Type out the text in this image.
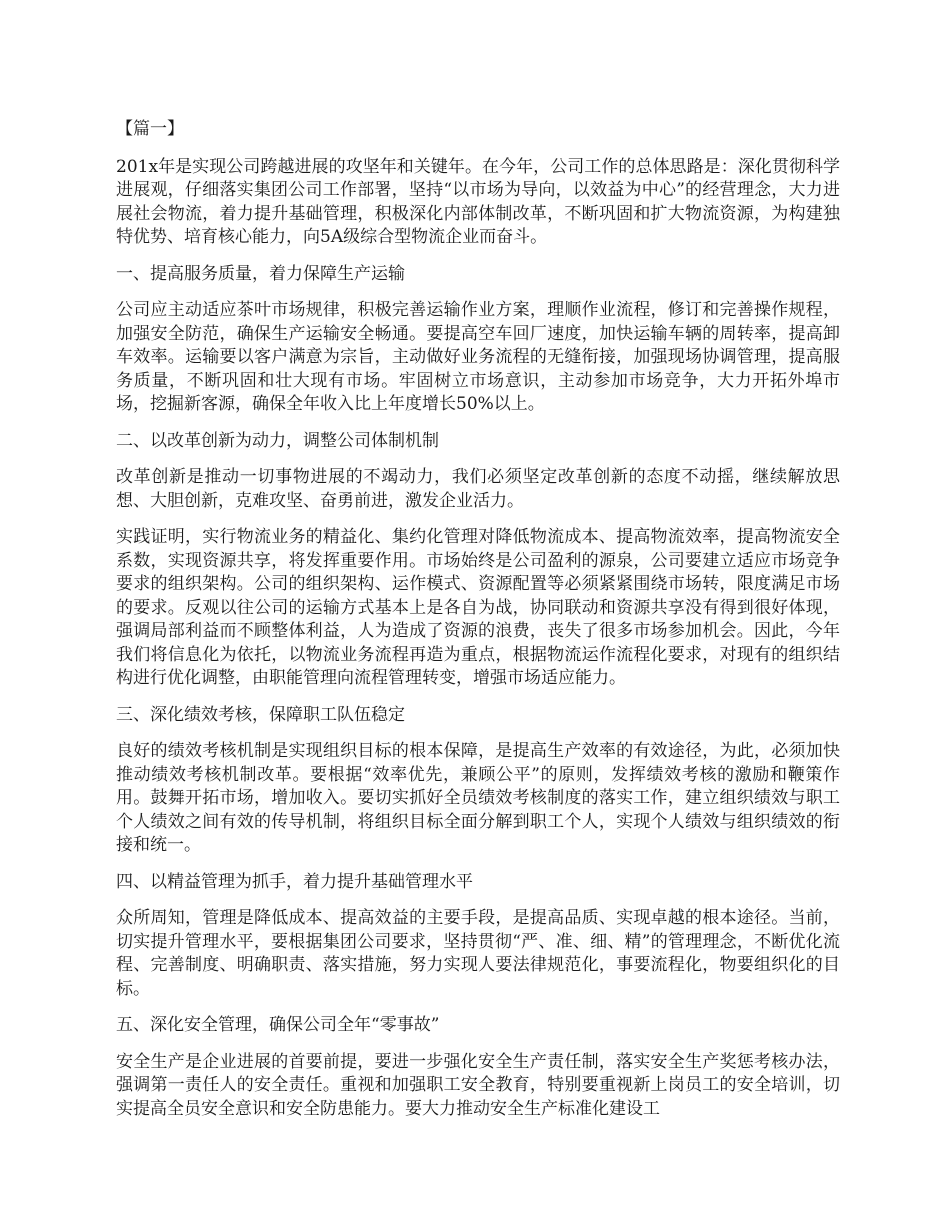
【篇一】

201x年是实现公司跨越进展的攻坚年和关键年。在今年，公司工作的总体思路是：深化贯彻科学进展观，仔细落实集团公司工作部署，坚持“以市场为导向，以效益为中心”的经营理念，大力进展社会物流，着力提升基础管理，积极深化内部体制改革，不断巩固和扩大物流资源，为构建独特优势、培育核心能力，向5A级综合型物流企业而奋斗。

一、提高服务质量，着力保障生产运输

公司应主动适应茶叶市场规律，积极完善运输作业方案，理顺作业流程，修订和完善操作规程，加强安全防范，确保生产运输安全畅通。要提高空车回厂速度，加快运输车辆的周转率，提高卸车效率。运输要以客户满意为宗旨，主动做好业务流程的无缝衔接，加强现场协调管理，提高服务质量，不断巩固和壮大现有市场。牢固树立市场意识，主动参加市场竞争，大力开拓外埠市场，挖掘新客源，确保全年收入比上年度增长50%以上。

二、以改革创新为动力，调整公司体制机制

改革创新是推动一切事物进展的不竭动力，我们必须坚定改革创新的态度不动摇，继续解放思想、大胆创新，克难攻坚、奋勇前进，激发企业活力。

实践证明，实行物流业务的精益化、集约化管理对降低物流成本、提高物流效率，提高物流安全系数，实现资源共享，将发挥重要作用。市场始终是公司盈利的源泉，公司要建立适应市场竞争要求的组织架构。公司的组织架构、运作模式、资源配置等必须紧紧围绕市场转，限度满足市场的要求。反观以往公司的运输方式基本上是各自为战，协同联动和资源共享没有得到很好体现，强调局部利益而不顾整体利益，人为造成了资源的浪费，丧失了很多市场参加机会。因此，今年我们将信息化为依托，以物流业务流程再造为重点，根据物流运作流程化要求，对现有的组织结构进行优化调整，由职能管理向流程管理转变，增强市场适应能力。

三、深化绩效考核，保障职工队伍稳定

良好的绩效考核机制是实现组织目标的根本保障，是提高生产效率的有效途径，为此，必须加快推动绩效考核机制改革。要根据“效率优先，兼顾公平”的原则，发挥绩效考核的激励和鞭策作用。鼓舞开拓市场，增加收入。要切实抓好全员绩效考核制度的落实工作，建立组织绩效与职工个人绩效之间有效的传导机制，将组织目标全面分解到职工个人，实现个人绩效与组织绩效的衔接和统一。

四、以精益管理为抓手，着力提升基础管理水平

众所周知，管理是降低成本、提高效益的主要手段，是提高品质、实现卓越的根本途径。当前，切实提升管理水平，要根据集团公司要求，坚持贯彻“严、准、细、精”的管理理念，不断优化流程、完善制度、明确职责、落实措施，努力实现人要法律规范化，事要流程化，物要组织化的目标。

五、深化安全管理，确保公司全年“零事故”

安全生产是企业进展的首要前提，要进一步强化安全生产责任制，落实安全生产奖惩考核办法，强调第一责任人的安全责任。重视和加强职工安全教育，特别要重视新上岗员工的安全培训，切实提高全员安全意识和安全防患能力。要大力推动安全生产标准化建设工
